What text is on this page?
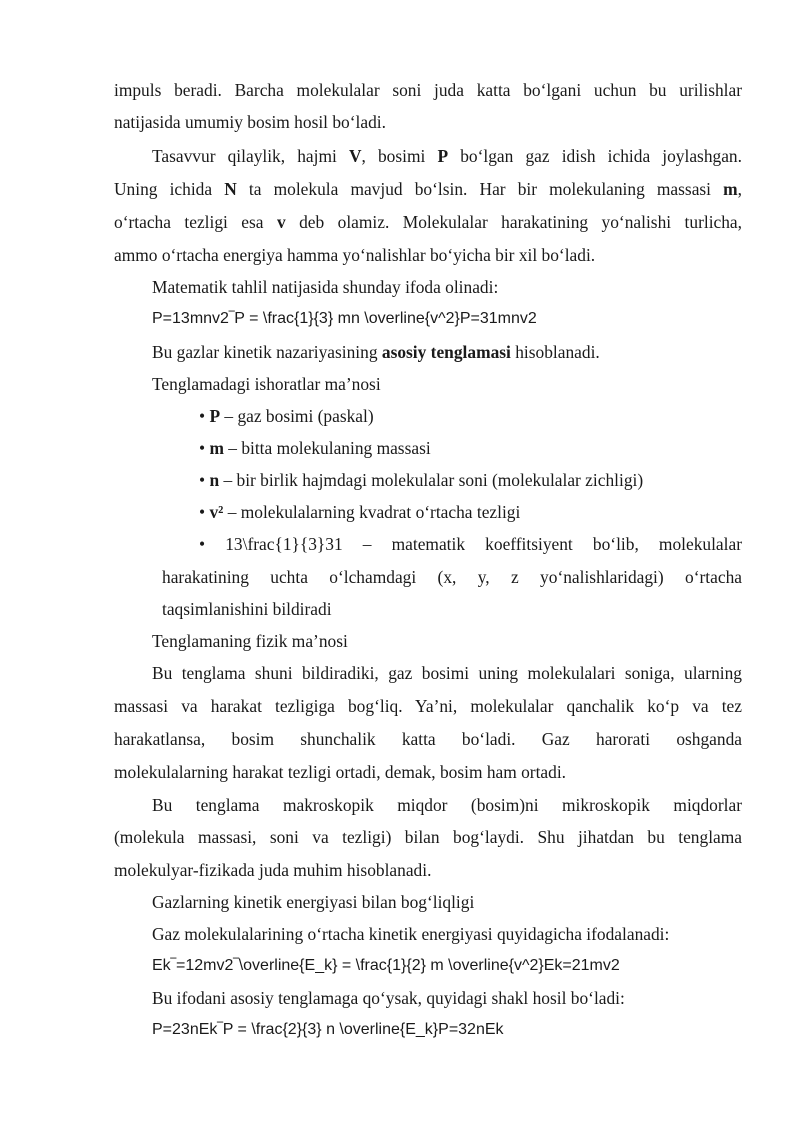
impuls beradi. Barcha molekulalar soni juda katta bo‘lgani uchun bu urilishlar
natijasida umumiy bosim hosil bo‘ladi.
Tasavvur qilaylik, hajmi V, bosimi P bo‘lgan gaz idish ichida joylashgan.
Uning ichida N ta molekula mavjud bo‘lsin. Har bir molekulaning massasi m,
o‘rtacha tezligi esa v deb olamiz. Molekulalar harakatining yo‘nalishi turlicha,
ammo o‘rtacha energiya hamma yo‘nalishlar bo‘yicha bir xil bo‘ladi.
Matematik tahlil natijasida shunday ifoda olinadi:
P=13mnv2‾P = \frac{1}{3} mn \overline{v^2}P=31mnv2
Bu gazlar kinetik nazariyasining asosiy tenglamasi hisoblanadi.
Tenglamadagi ishoratlar ma’nosi
• P – gaz bosimi (paskal)
• m – bitta molekulaning massasi
• n – bir birlik hajmdagi molekulalar soni (molekulalar zichligi)
• v² – molekulalarning kvadrat o‘rtacha tezligi
• 13\frac{1}{3}31 – matematik koeffitsiyent bo‘lib, molekulalar
harakatining uchta o‘lchamdagi (x, y, z yo‘nalishlaridagi) o‘rtacha
taqsimlanishini bildiradi
Tenglamaning fizik ma’nosi
Bu tenglama shuni bildiradiki, gaz bosimi uning molekulalari soniga, ularning
massasi va harakat tezligiga bog‘liq. Ya’ni, molekulalar qanchalik ko‘p va tez
harakatlansa, bosim shunchalik katta bo‘ladi. Gaz harorati oshganda
molekulalarning harakat tezligi ortadi, demak, bosim ham ortadi.
Bu tenglama makroskopik miqdor (bosim)ni mikroskopik miqdorlar
(molekula massasi, soni va tezligi) bilan bog‘laydi. Shu jihatdan bu tenglama
molekulyar-fizikada juda muhim hisoblanadi.
Gazlarning kinetik energiyasi bilan bog‘liqligi
Gaz molekulalarining o‘rtacha kinetik energiyasi quyidagicha ifodalanadi:
Ek‾=12mv2‾\overline{E_k} = \frac{1}{2} m \overline{v^2}Ek=21mv2
Bu ifodani asosiy tenglamaga qo‘ysak, quyidagi shakl hosil bo‘ladi:
P=23nEk‾P = \frac{2}{3} n \overline{E_k}P=32nEk
